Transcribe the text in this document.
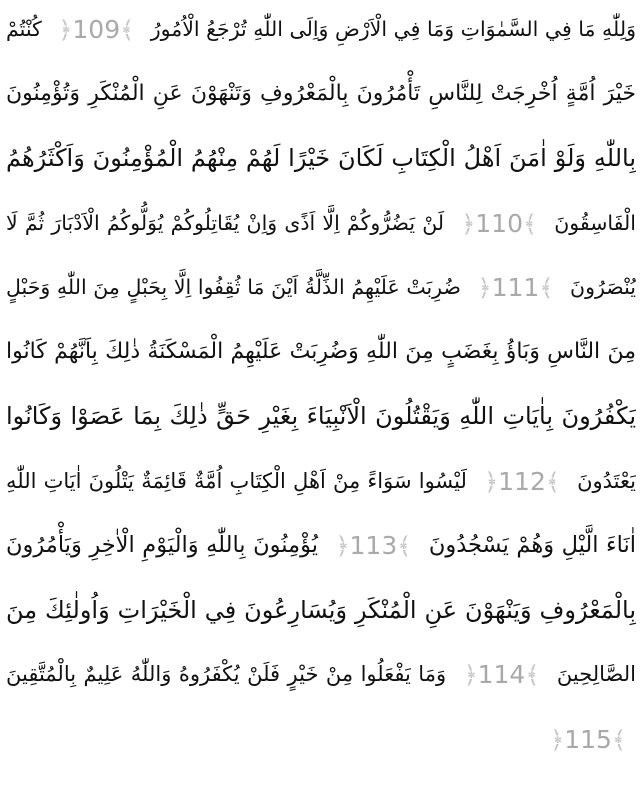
وَلِلّٰهِ مَا فِي السَّمٰوَاتِ وَمَا فِي الْاَرْضِ وَاِلَى اللّٰهِ تُرْجَعُ الْاُمُورُ ﴿109﴾ كُنْتُمْ
خَيْرَ اُمَّةٍ اُخْرِجَتْ لِلنَّاسِ تَأْمُرُونَ بِالْمَعْرُوفِ وَتَنْهَوْنَ عَنِ الْمُنْكَرِ وَتُؤْمِنُونَ
بِاللّٰهِ وَلَوْ اٰمَنَ اَهْلُ الْكِتَابِ لَكَانَ خَيْرًا لَهُمْ مِنْهُمُ الْمُؤْمِنُونَ وَاَكْثَرُهُمُ
الْفَاسِقُونَ ﴿110﴾ لَنْ يَضُرُّوكُمْ اِلَّا اَذًى وَاِنْ يُقَاتِلُوكُمْ يُوَلُّوكُمُ الْاَدْبَارَ ثُمَّ لَا
يُنْصَرُونَ ﴿111﴾ ضُرِبَتْ عَلَيْهِمُ الذِّلَّةُ اَيْنَ مَا ثُقِفُوا اِلَّا بِحَبْلٍ مِنَ اللّٰهِ وَحَبْلٍ
مِنَ النَّاسِ وَبَاؤُ بِغَضَبٍ مِنَ اللّٰهِ وَضُرِبَتْ عَلَيْهِمُ الْمَسْكَنَةُ ذٰلِكَ بِاَنَّهُمْ كَانُوا
يَكْفُرُونَ بِاٰيَاتِ اللّٰهِ وَيَقْتُلُونَ الْاَنْبِيَاءَ بِغَيْرِ حَقٍّ ذٰلِكَ بِمَا عَصَوْا وَكَانُوا
يَعْتَدُونَ ﴿112﴾ لَيْسُوا سَوَاءً مِنْ اَهْلِ الْكِتَابِ اُمَّةٌ قَائِمَةٌ يَتْلُونَ اٰيَاتِ اللّٰهِ
اٰنَاءَ الَّيْلِ وَهُمْ يَسْجُدُونَ ﴿113﴾ يُؤْمِنُونَ بِاللّٰهِ وَالْيَوْمِ الْاٰخِرِ وَيَأْمُرُونَ
بِالْمَعْرُوفِ وَيَنْهَوْنَ عَنِ الْمُنْكَرِ وَيُسَارِعُونَ فِي الْخَيْرَاتِ وَاُولٰئِكَ مِنَ
الصَّالِحِينَ ﴿114﴾ وَمَا يَفْعَلُوا مِنْ خَيْرٍ فَلَنْ يُكْفَرُوهُ وَاللّٰهُ عَلِيمٌ بِالْمُتَّقِينَ
﴿115﴾
